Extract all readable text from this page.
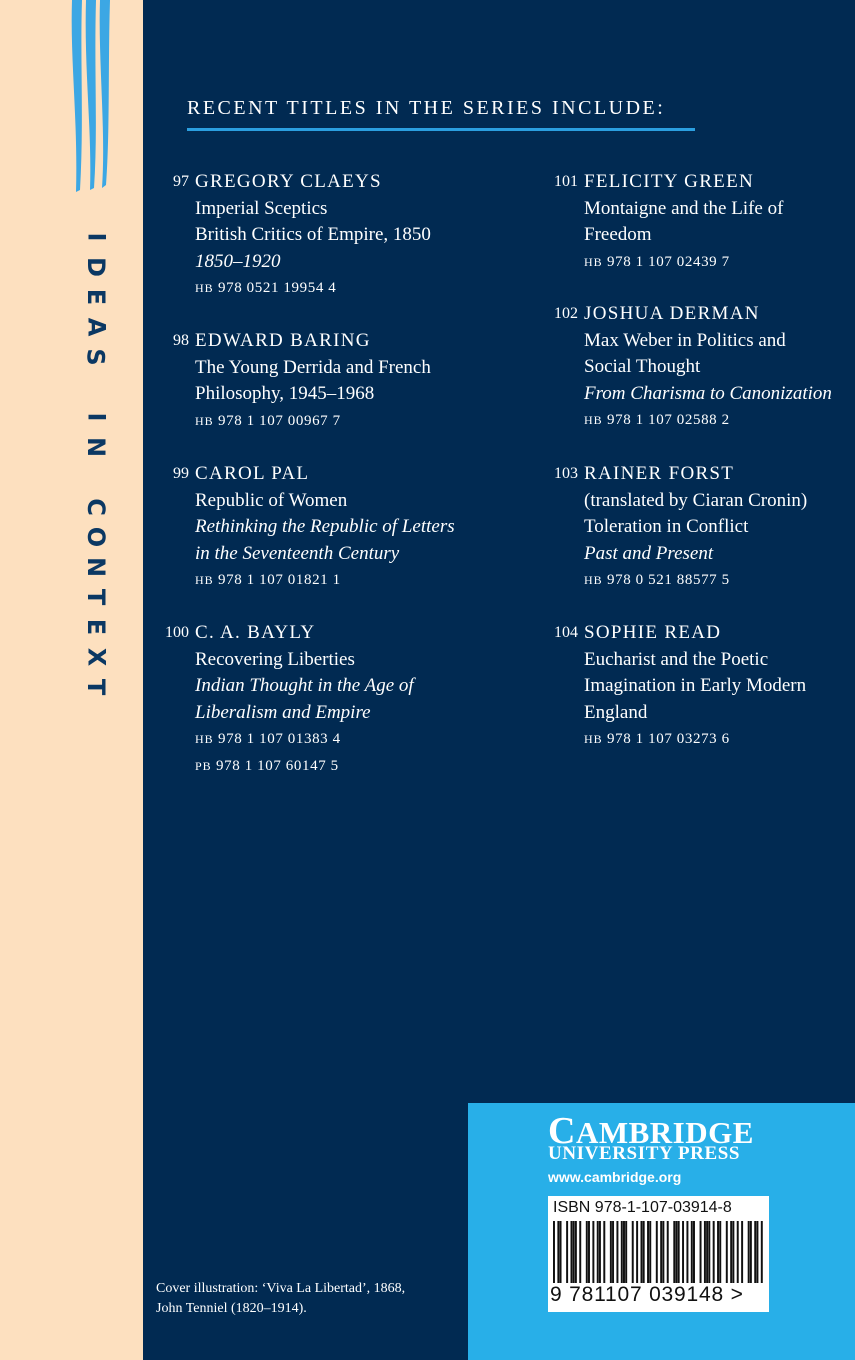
I
D
E
A
S
I
N
C
O
N
T
E
X
T
RECENT TITLES IN THE SERIES INCLUDE:
97 GREGORY CLAEYS
Imperial Sceptics
British Critics of Empire, 1850
1850–1920
HB 978 0521 19954 4
98 EDWARD BARING
The Young Derrida and French
Philosophy, 1945–1968
HB 978 1 107 00967 7
99 CAROL PAL
Republic of Women
Rethinking the Republic of Letters
in the Seventeenth Century
HB 978 1 107 01821 1
100 C. A. BAYLY
Recovering Liberties
Indian Thought in the Age of
Liberalism and Empire
HB 978 1 107 01383 4
PB 978 1 107 60147 5
101 FELICITY GREEN
Montaigne and the Life of
Freedom
HB 978 1 107 02439 7
102 JOSHUA DERMAN
Max Weber in Politics and
Social Thought
From Charisma to Canonization
HB 978 1 107 02588 2
103 RAINER FORST
(translated by Ciaran Cronin)
Toleration in Conflict
Past and Present
HB 978 0 521 88577 5
104 SOPHIE READ
Eucharist and the Poetic
Imagination in Early Modern
England
HB 978 1 107 03273 6
Cover illustration: ‘Viva La Libertad’, 1868,
John Tenniel (1820–1914).
CAMBRIDGE
UNIVERSITY PRESS
www.cambridge.org
ISBN 978-1-107-03914-8
9 781107 039148 >
